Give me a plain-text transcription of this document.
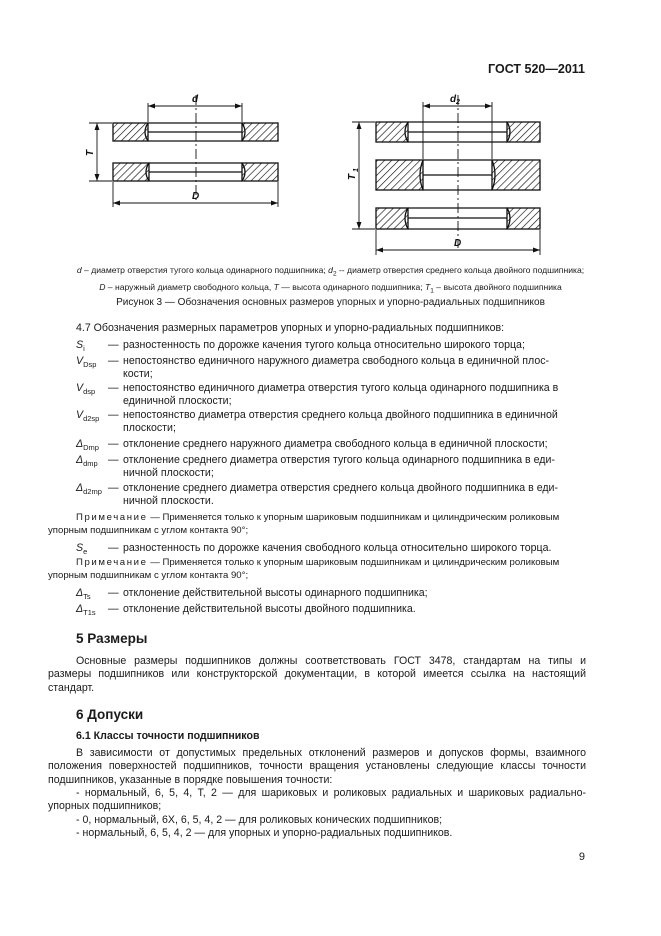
ГОСТ 520—2011
d
T
D
d 2
T
1
D
d – диаметр отверстия тугого кольца одинарного подшипника; $d_2$ -- диаметр отверстия среднего кольца двойного подшипника;
D – наружный диаметр свободного кольца, T — высота одинарного подшипника; $T_1$ – высота двойного подшипника
Рисунок 3 — Обозначения основных размеров упорных и упорно-радиальных подшипников
4.7 Обозначения размерных параметров упорных и упорно-радиальных подшипников:
$S_i$ — разностенность по дорожке качения тугого кольца относительно широкого торца;
$V_{Dsp}$ — непостоянство единичного наружного диаметра свободного кольца в единичной плос-
кости;
$V_{dsp}$ — непостоянство единичного диаметра отверстия тугого кольца одинарного подшипника в
единичной плоскости;
$V_{d2sp}$ — непостоянство диаметра отверстия среднего кольца двойного подшипника в единичной
плоскости;
$\Delta_{Dmp}$ — отклонение среднего наружного диаметра свободного кольца в единичной плоскости;
$\Delta_{dmp}$ — отклонение среднего диаметра отверстия тугого кольца одинарного подшипника в еди-
ничной плоскости;
$\Delta_{d2mp}$ — отклонение среднего диаметра отверстия среднего кольца двойного подшипника в еди-
ничной плоскости.
Примечание — Применяется только к упорным шариковым подшипникам и цилиндрическим роликовым
упорным подшипникам с углом контакта 90°;
$S_e$ — разностенность по дорожке качения свободного кольца относительно широкого торца.
Примечание — Применяется только к упорным шариковым подшипникам и цилиндрическим роликовым
упорным подшипникам с углом контакта 90°;
$\Delta_{Ts}$ — отклонение действительной высоты одинарного подшипника;
$\Delta_{T1s}$ — отклонение действительной высоты двойного подшипника.
5 Размеры
Основные размеры подшипников должны соответствовать ГОСТ 3478, стандартам на типы и
размеры подшипников или конструкторской документации, в которой имеется ссылка на настоящий
стандарт.
6 Допуски
6.1 Классы точности подшипников
В зависимости от допустимых предельных отклонений размеров и допусков формы, взаимного
положения поверхностей подшипников, точности вращения установлены следующие классы точности
подшипников, указанные в порядке повышения точности:
- нормальный, 6, 5, 4, T, 2 — для шариковых и роликовых радиальных и шариковых радиально-
упорных подшипников;
- 0, нормальный, 6X, 6, 5, 4, 2 — для роликовых конических подшипников;
- нормальный, 6, 5, 4, 2 — для упорных и упорно-радиальных подшипников.
9
